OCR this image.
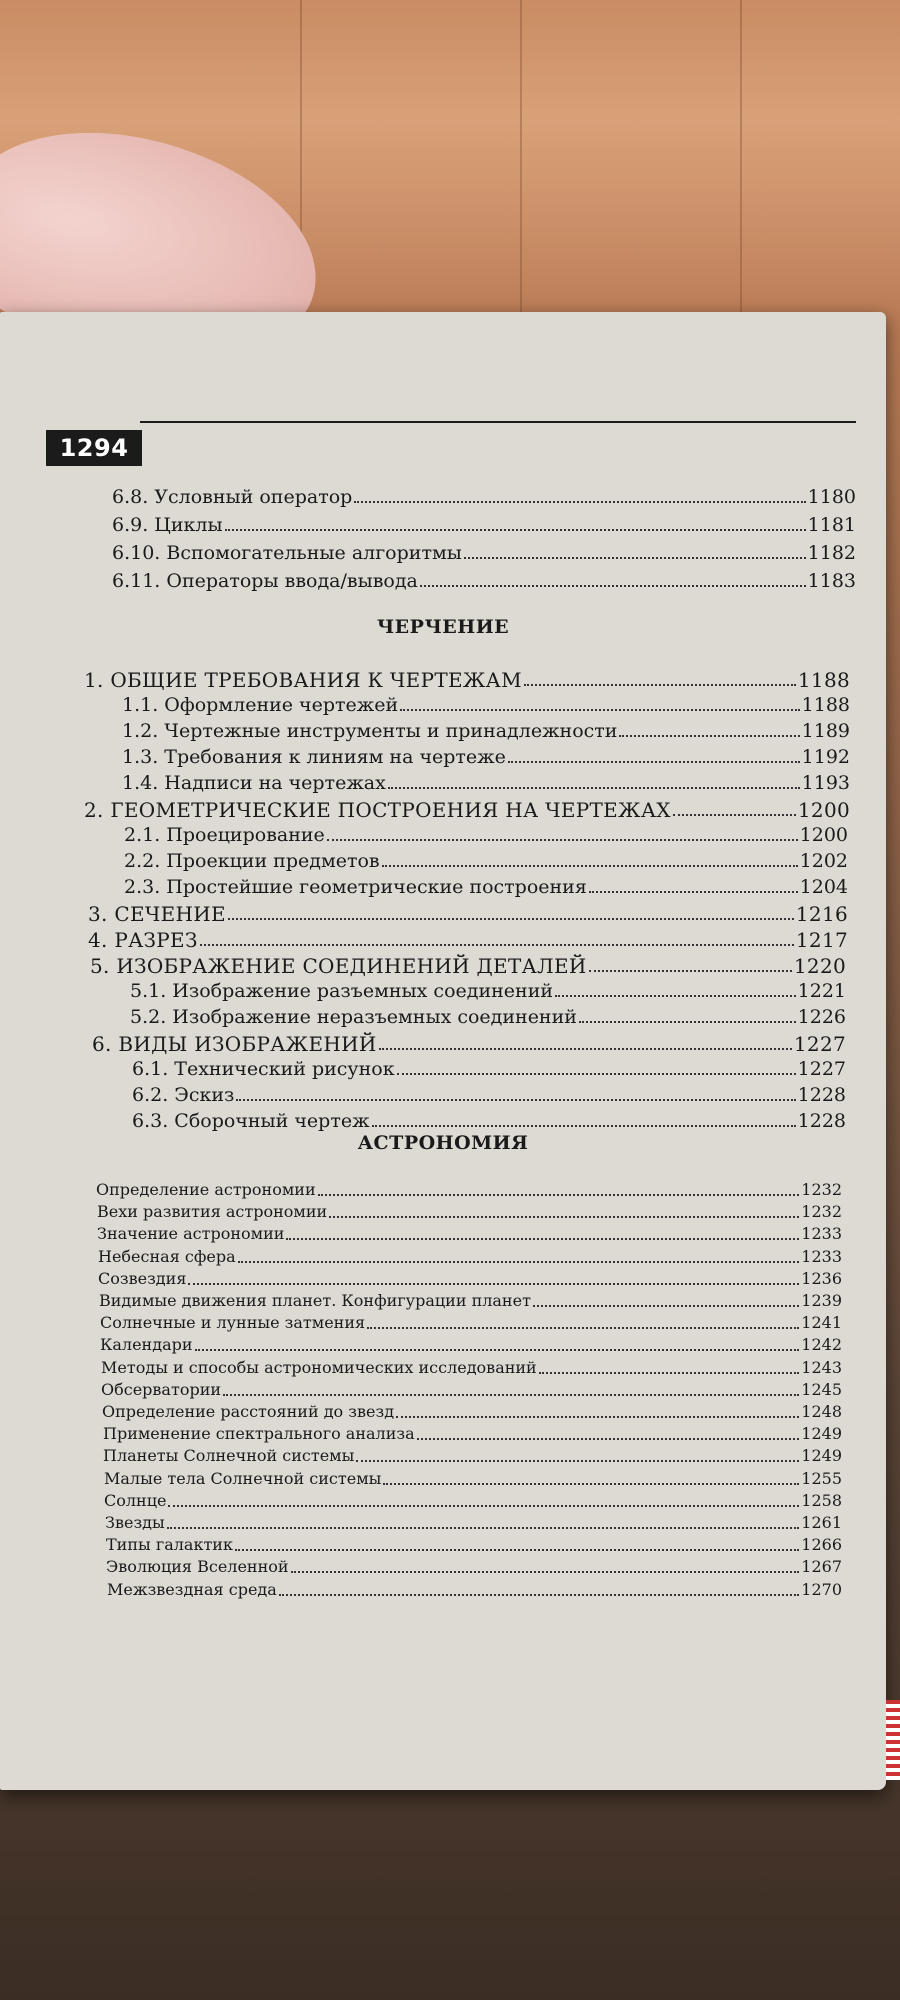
1294
6.8. Условный оператор	1180
6.9. Циклы	1181
6.10. Вспомогательные алгоритмы	1182
6.11. Операторы ввода/вывода	1183
ЧЕРЧЕНИЕ
1. ОБЩИЕ ТРЕБОВАНИЯ К ЧЕРТЕЖАМ	1188
1.1. Оформление чертежей	1188
1.2. Чертежные инструменты и принадлежности	1189
1.3. Требования к линиям на чертеже	1192
1.4. Надписи на чертежах	1193
2. ГЕОМЕТРИЧЕСКИЕ ПОСТРОЕНИЯ НА ЧЕРТЕЖАХ	1200
2.1. Проецирование	1200
2.2. Проекции предметов	1202
2.3. Простейшие геометрические построения	1204
3. СЕЧЕНИЕ	1216
4. РАЗРЕЗ	1217
5. ИЗОБРАЖЕНИЕ СОЕДИНЕНИЙ ДЕТАЛЕЙ	1220
5.1. Изображение разъемных соединений	1221
5.2. Изображение неразъемных соединений	1226
6. ВИДЫ ИЗОБРАЖЕНИЙ	1227
6.1. Технический рисунок	1227
6.2. Эскиз	1228
6.3. Сборочный чертеж	1228
АСТРОНОМИЯ
Определение астрономии	1232
Вехи развития астрономии	1232
Значение астрономии	1233
Небесная сфера	1233
Созвездия	1236
Видимые движения планет. Конфигурации планет	1239
Солнечные и лунные затмения	1241
Календари	1242
Методы и способы астрономических исследований	1243
Обсерватории	1245
Определение расстояний до звезд	1248
Применение спектрального анализа	1249
Планеты Солнечной системы	1249
Малые тела Солнечной системы	1255
Солнце	1258
Звезды	1261
Типы галактик	1266
Эволюция Вселенной	1267
Межзвездная среда	1270
